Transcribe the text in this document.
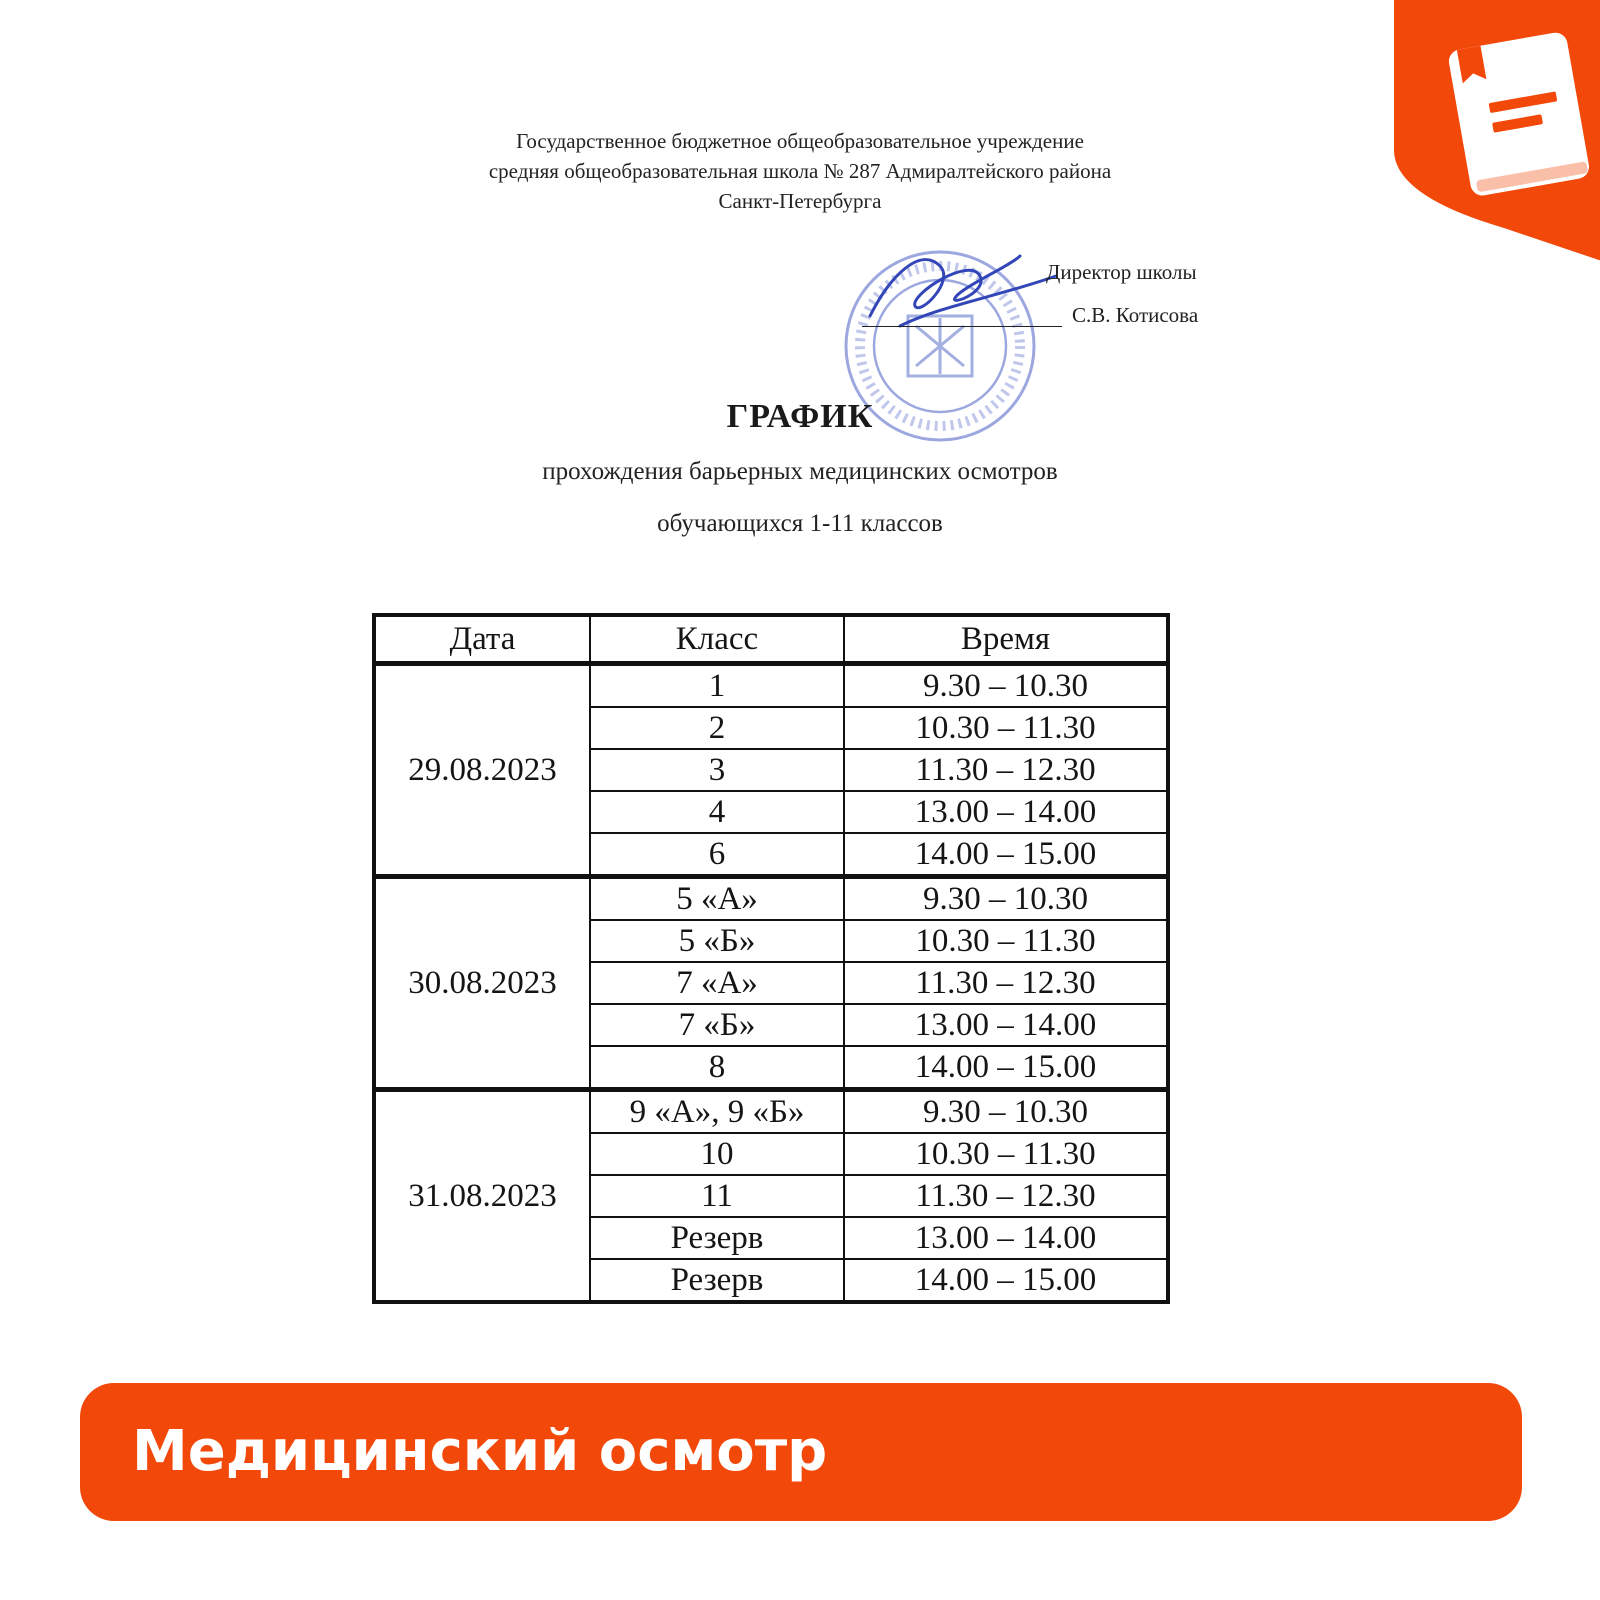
Государственное бюджетное общеобразовательное учреждение
средняя общеобразовательная школа № 287 Адмиралтейского района
Санкт-Петербурга
Директор школы
С.В. Котисова
ГРАФИК
прохождения барьерных медицинских осмотров
обучающихся 1-11 классов
Дата	Класс	Время
29.08.2023	1	9.30 – 10.30
	2	10.30 – 11.30
	3	11.30 – 12.30
	4	13.00 – 14.00
	6	14.00 – 15.00
30.08.2023	5 «А»	9.30 – 10.30
	5 «Б»	10.30 – 11.30
	7 «А»	11.30 – 12.30
	7 «Б»	13.00 – 14.00
	8	14.00 – 15.00
31.08.2023	9 «А», 9 «Б»	9.30 – 10.30
	10	10.30 – 11.30
	11	11.30 – 12.30
	Резерв	13.00 – 14.00
	Резерв	14.00 – 15.00
Медицинский осмотр
